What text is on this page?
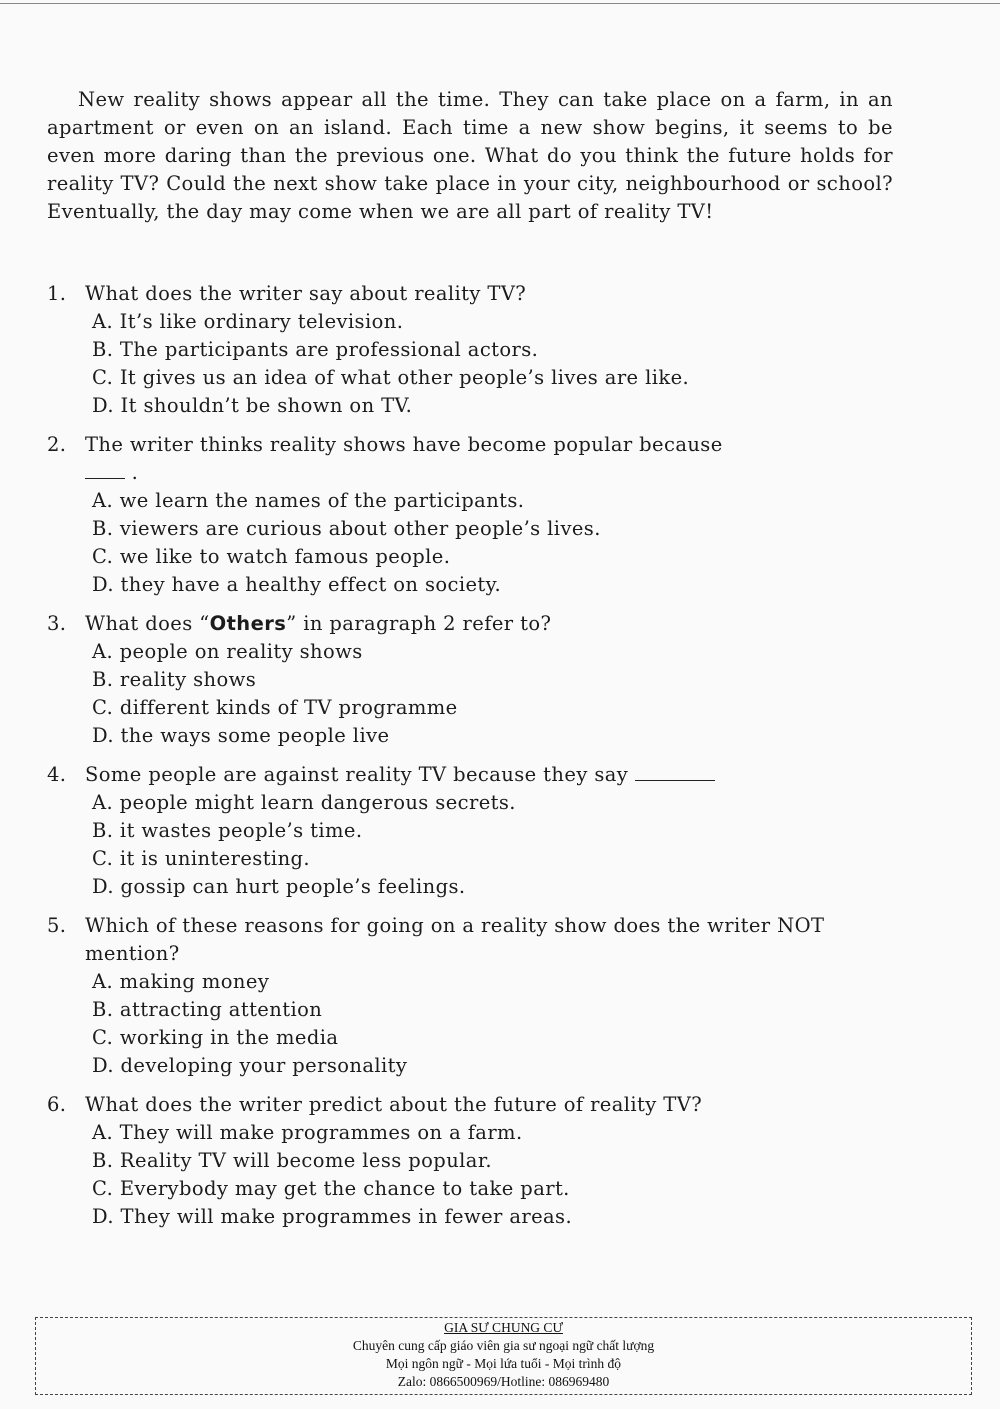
New reality shows appear all the time. They can take place on a farm, in an apartment or even on an island. Each time a new show begins, it seems to be even more daring than the previous one. What do you think the future holds for reality TV? Could the next show take place in your city, neighbourhood or school? Eventually, the day may come when we are all part of reality TV!
1. What does the writer say about reality TV?
A. It’s like ordinary television.
B. The participants are professional actors.
C. It gives us an idea of what other people’s lives are like.
D. It shouldn’t be shown on TV.
2. The writer thinks reality shows have become popular because
.
A. we learn the names of the participants.
B. viewers are curious about other people’s lives.
C. we like to watch famous people.
D. they have a healthy effect on society.
3. What does “Others” in paragraph 2 refer to?
A. people on reality shows
B. reality shows
C. different kinds of TV programme
D. the ways some people live
4. Some people are against reality TV because they say
A. people might learn dangerous secrets.
B. it wastes people’s time.
C. it is uninteresting.
D. gossip can hurt people’s feelings.
5. Which of these reasons for going on a reality show does the writer NOT mention?
A. making money
B. attracting attention
C. working in the media
D. developing your personality
6. What does the writer predict about the future of reality TV?
A. They will make programmes on a farm.
B. Reality TV will become less popular.
C. Everybody may get the chance to take part.
D. They will make programmes in fewer areas.
GIA SƯ CHUNG CƯ
Chuyên cung cấp giáo viên gia sư ngoại ngữ chất lượng
Mọi ngôn ngữ - Mọi lứa tuổi - Mọi trình độ
Zalo: 0866500969/Hotline: 086969480
